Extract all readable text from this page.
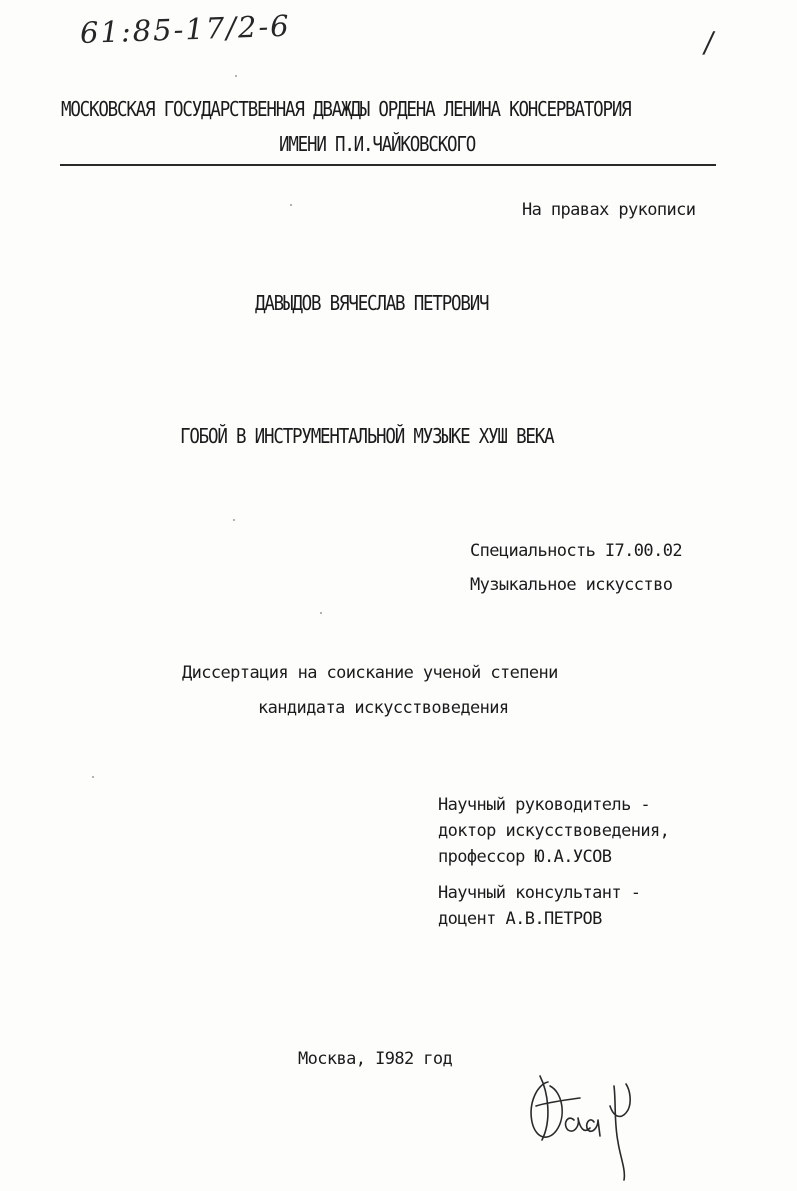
61:85-17/2-6	/
МОСКОВСКАЯ ГОСУДАРСТВЕННАЯ ДВАЖДЫ ОРДЕНА ЛЕНИНА КОНСЕРВАТОРИЯ
ИМЕНИ П.И.ЧАЙКОВСКОГО
На правах рукописи
ДАВЫДОВ ВЯЧЕСЛАВ ПЕТРОВИЧ
ГОБОЙ В ИНСТРУМЕНТАЛЬНОЙ МУЗЫКЕ ХУШ ВЕКА
Специальность I7.00.02
Музыкальное искусство
Диссертация на соискание ученой степени
кандидата искусствоведения
Научный руководитель -
доктор искусствоведения,
профессор Ю.А.УСОВ
Научный консультант -
доцент А.В.ПЕТРОВ
Москва, I982 год
